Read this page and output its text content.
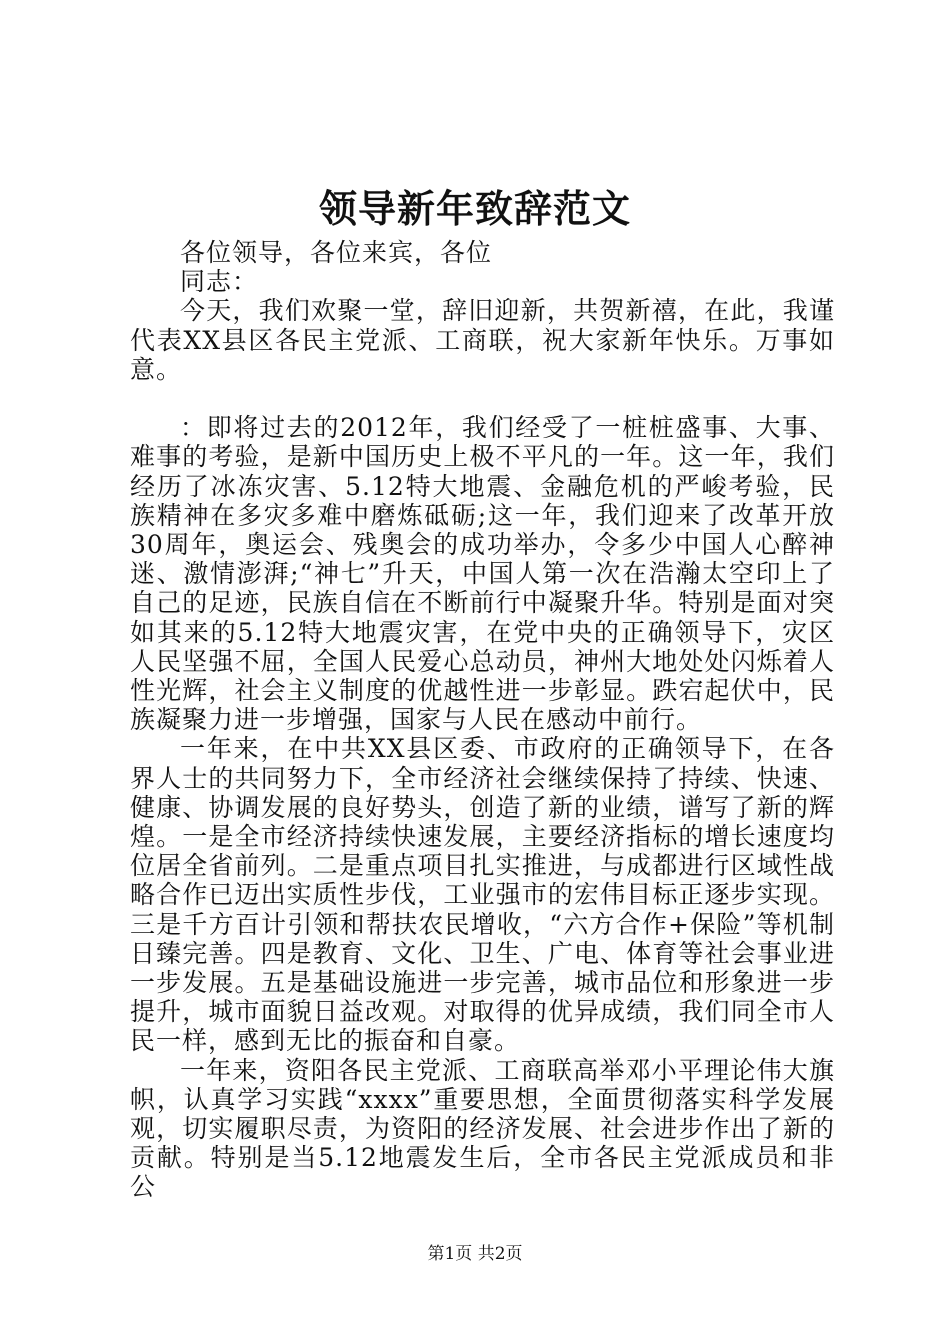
领导新年致辞范文

各位领导，各位来宾，各位

同志：

今天，我们欢聚一堂，辞旧迎新，共贺新禧，在此，我谨代表XX县区各民主党派、工商联，祝大家新年快乐。万事如意。

：即将过去的2012年，我们经受了一桩桩盛事、大事、难事的考验，是新中国历史上极不平凡的一年。这一年，我们经历了冰冻灾害、5.12特大地震、金融危机的严峻考验，民族精神在多灾多难中磨炼砥砺;这一年，我们迎来了改革开放30周年，奥运会、残奥会的成功举办，令多少中国人心醉神迷、激情澎湃;“神七”升天，中国人第一次在浩瀚太空印上了自己的足迹，民族自信在不断前行中凝聚升华。特别是面对突如其来的5.12特大地震灾害，在党中央的正确领导下，灾区人民坚强不屈，全国人民爱心总动员，神州大地处处闪烁着人性光辉，社会主义制度的优越性进一步彰显。跌宕起伏中，民族凝聚力进一步增强，国家与人民在感动中前行。

一年来，在中共XX县区委、市政府的正确领导下，在各界人士的共同努力下，全市经济社会继续保持了持续、快速、健康、协调发展的良好势头，创造了新的业绩，谱写了新的辉煌。一是全市经济持续快速发展，主要经济指标的增长速度均位居全省前列。二是重点项目扎实推进，与成都进行区域性战略合作已迈出实质性步伐，工业强市的宏伟目标正逐步实现。三是千方百计引领和帮扶农民增收，“六方合作+保险”等机制日臻完善。四是教育、文化、卫生、广电、体育等社会事业进一步发展。五是基础设施进一步完善，城市品位和形象进一步提升，城市面貌日益改观。对取得的优异成绩，我们同全市人民一样，感到无比的振奋和自豪。

一年来，资阳各民主党派、工商联高举邓小平理论伟大旗帜，认真学习实践“xxxx”重要思想，全面贯彻落实科学发展观，切实履职尽责，为资阳的经济发展、社会进步作出了新的贡献。特别是当5.12地震发生后，全市各民主党派成员和非公

第1页 共2页
